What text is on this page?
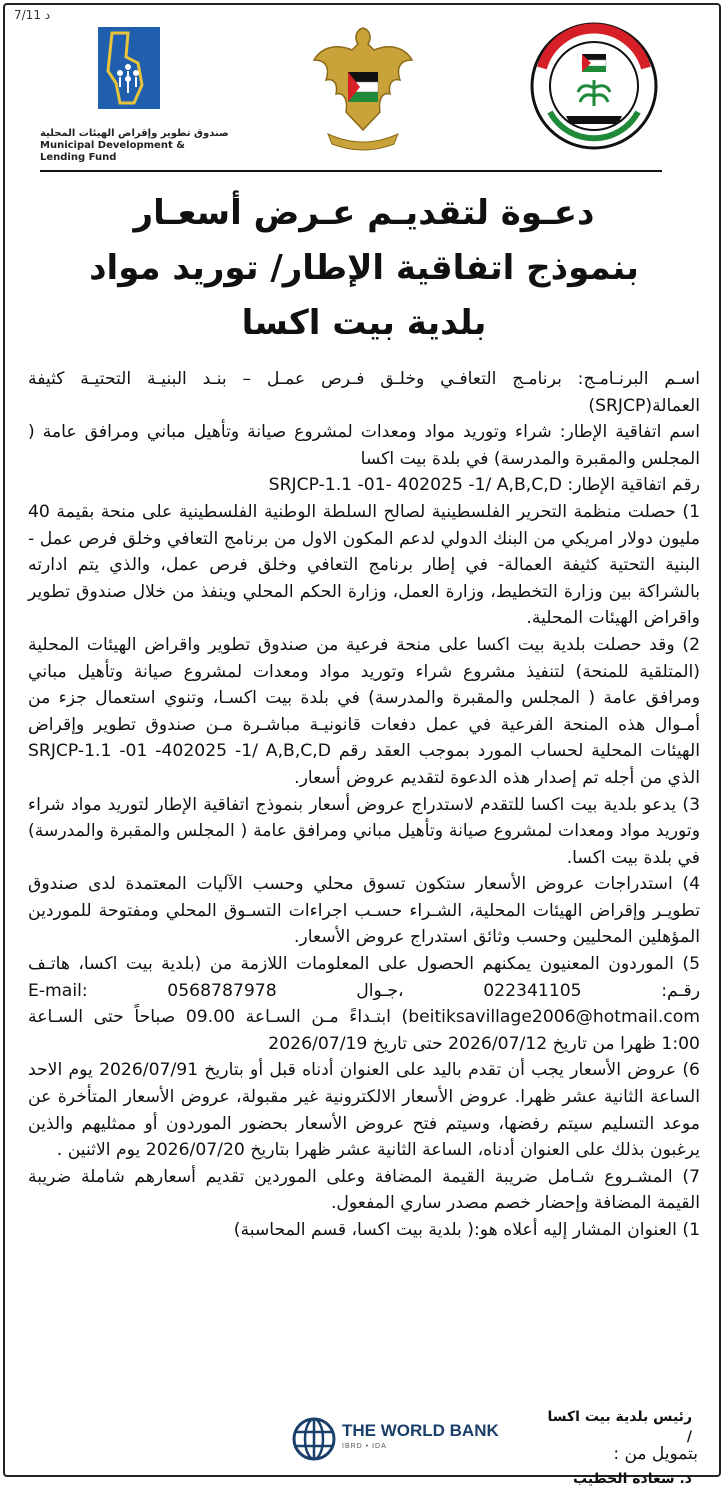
7/11 د
صندوق تطوير وإقراض الهيئات المحلية
Municipal Development & Lending Fund

دعـوة لتقديـم عـرض أسعـار

بنموذج اتفاقية الإطار/ توريد مواد

بلدية بيت اكسا

اسـم البرنـامـج: برنامـج التعافـي وخلـق فـرص عمـل – بنـد البنيـة التحتيـة كثيفة العمالة(SRJCP)

اسم اتفاقية الإطار: شراء وتوريد مواد ومعدات لمشروع صيانة وتأهيل مباني ومرافق عامة ( المجلس والمقبرة والمدرسة) في بلدة بيت اكسا

رقم اتفاقية الإطار: SRJCP-1.1 -01- 402025 -1/ A,B,C,D

1) حصلت منظمة التحرير الفلسطينية لصالح السلطة الوطنية الفلسطينية على منحة بقيمة 40 مليون دولار امريكي من البنك الدولي لدعم المكون الاول من برنامج التعافي وخلق فرص عمل - البنية التحتية كثيفة العمالة- في إطار برنامج التعافي وخلق فرص عمل، والذي يتم ادارته بالشراكة بين وزارة التخطيط، وزارة العمل، وزارة الحكم المحلي وينفذ من خلال صندوق تطوير واقراض الهيئات المحلية.

2) وقد حصلت بلدية بيت اكسا على منحة فرعية من صندوق تطوير واقراض الهيئات المحلية (المتلقية للمنحة) لتنفيذ مشروع شراء وتوريد مواد ومعدات لمشروع صيانة وتأهيل مباني ومرافق عامة ( المجلس والمقبرة والمدرسة) في بلدة بيت اكسـا، وتنوي استعمال جزء من أمـوال هذه المنحة الفرعية في عمل دفعات قانونيـة مباشـرة مـن صندوق تطوير وإقراض الهيئات المحلية لحساب المورد بموجب العقد رقم SRJCP-1.1 -01 -402025 -1/ A,B,C,D الذي من أجله تم إصدار هذه الدعوة لتقديم عروض أسعار.

3) يدعو بلدية بيت اكسا للتقدم لاستدراج عروض أسعار بنموذج اتفاقية الإطار لتوريد مواد شراء وتوريد مواد ومعدات لمشروع صيانة وتأهيل مباني ومرافق عامة ( المجلس والمقبرة والمدرسة) في بلدة بيت اكسا.

4) استدراجات عروض الأسعار ستكون تسوق محلي وحسب الآليات المعتمدة لدى صندوق تطويـر وإقراض الهيئات المحلية، الشـراء حسـب اجراءات التسـوق المحلي ومفتوحة للموردين المؤهلين المحليين وحسب وثائق استدراج عروض الأسعار.

5) الموردون المعنيون يمكنهم الحصول على المعلومات اللازمة من (بلدية بيت اكسا، هاتـف رقـم: 022341105 ،جـوال 0568787978 E-mail: beitiksavillage2006@hotmail.com) ابتـداءً مـن السـاعة 09.00 صباحاً حتى السـاعة 1:00 ظهرا من تاريخ 2026/07/12 حتى تاريخ 2026/07/19

6) عروض الأسعار يجب أن تقدم باليد على العنوان أدناه قبل أو بتاريخ 2026/07/91 يوم الاحد الساعة الثانية عشر ظهرا. عروض الأسعار الالكترونية غير مقبولة، عروض الأسعار المتأخرة عن موعد التسليم سيتم رفضها، وسيتم فتح عروض الأسعار بحضور الموردون أو ممثليهم والذين يرغبون بذلك على العنوان أدناه، الساعة الثانية عشر ظهرا بتاريخ 2026/07/20 يوم الاثنين .

7) المشـروع شـامل ضريبة القيمة المضافة وعلى الموردين تقديم أسعارهم شاملة ضريبة القيمة المضافة وإحضار خصم مصدر ساري المفعول.

1) العنوان المشار إليه أعلاه هو:( بلدية بيت اكسا، قسم المحاسبة)

رئيس بلدية بيت اكسا /
د. سعادة الخطيب
THE WORLD BANK
IBRD • IDA	بتمويل من :
